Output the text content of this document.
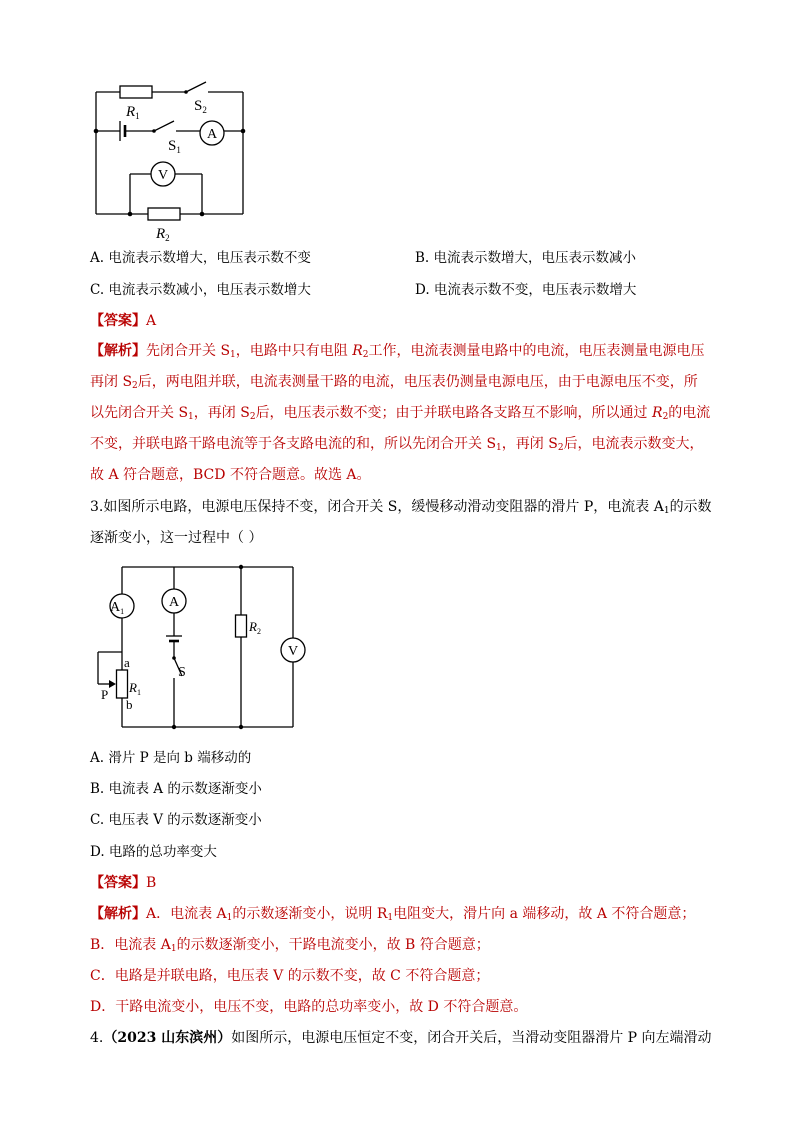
$R_1$
$S_2$
$S_1$
A
V
$R_2$
A. 电流表示数增大，电压表示数不变	B. 电流表示数增大，电压表示数减小
C. 电流表示数减小，电压表示数增大	D. 电流表示数不变，电压表示数增大
【答案】A
【解析】先闭合开关 $S_1$，电路中只有电阻 $R_2$工作，电流表测量电路中的电流，电压表测量电源电压
再闭 $S_2$后，两电阻并联，电流表测量干路的电流，电压表仍测量电源电压，由于电源电压不变，所
以先闭合开关 $S_1$，再闭 $S_2$后，电压表示数不变；由于并联电路各支路互不影响，所以通过 $R_2$的电流
不变，并联电路干路电流等于各支路电流的和，所以先闭合开关 $S_1$，再闭 $S_2$后，电流表示数变大，
故 A 符合题意，BCD 不符合题意。故选 A。
3.如图所示电路，电源电压保持不变，闭合开关 S，缓慢移动滑动变阻器的滑片 P，电流表 $A_1$的示数
逐渐变小，这一过程中（ ）
$A_1$
A
$R_2$
V
S
a
b
P $R_1$
A. 滑片 P 是向 b 端移动的
B. 电流表 A 的示数逐渐变小
C. 电压表 V 的示数逐渐变小
D. 电路的总功率变大
【答案】B
【解析】A．电流表 $A_1$的示数逐渐变小，说明 $R_1$电阻变大，滑片向 a 端移动，故 A 不符合题意；
B．电流表 $A_1$的示数逐渐变小，干路电流变小，故 B 符合题意；
C．电路是并联电路，电压表 V 的示数不变，故 C 不符合题意；
D．干路电流变小，电压不变，电路的总功率变小，故 D 不符合题意。
4.（2023 山东滨州）如图所示，电源电压恒定不变，闭合开关后，当滑动变阻器滑片 P 向左端滑动
